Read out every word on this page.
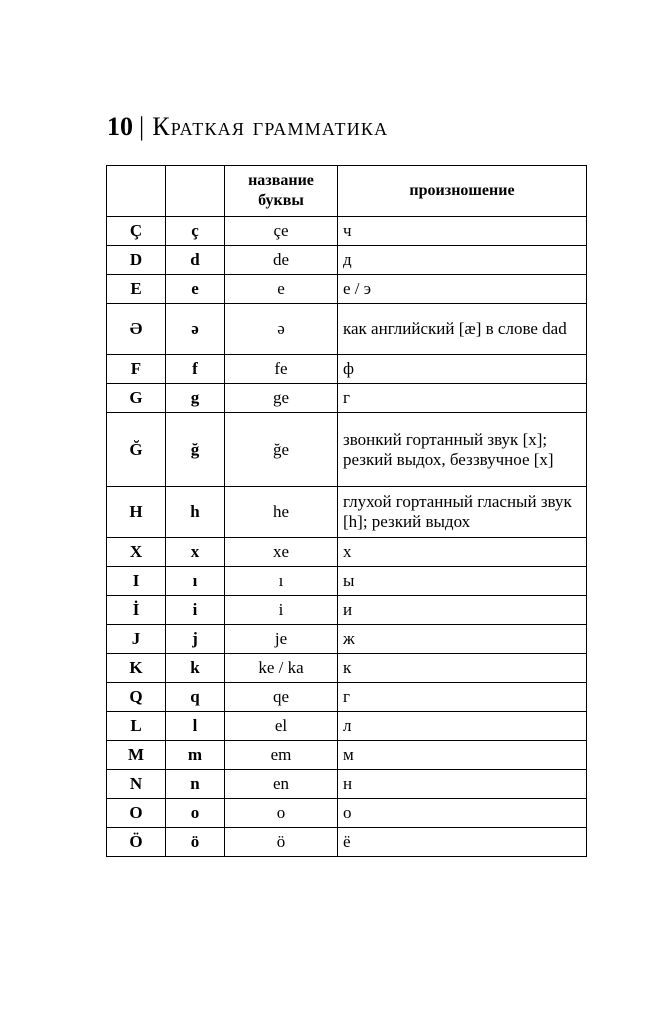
10 | Краткая грамматика
		название буквы	произношение
Ç	ç	çe	ч
D	d	de	д
E	e	e	е / э
Ə	ə	ə	как английский [æ] в слове dad
F	f	fe	ф
G	g	ge	г
Ğ	ğ	ğe	звонкий гортанный звук [х]; резкий выдох, беззвучное [х]
H	h	he	глухой гортанный гласный звук [h]; резкий выдох
X	x	xe	х
I	ı	ı	ы
İ	i	i	и
J	j	je	ж
K	k	ke / ka	к
Q	q	qe	г
L	l	el	л
M	m	em	м
N	n	en	н
O	o	o	о
Ö	ö	ö	ё
